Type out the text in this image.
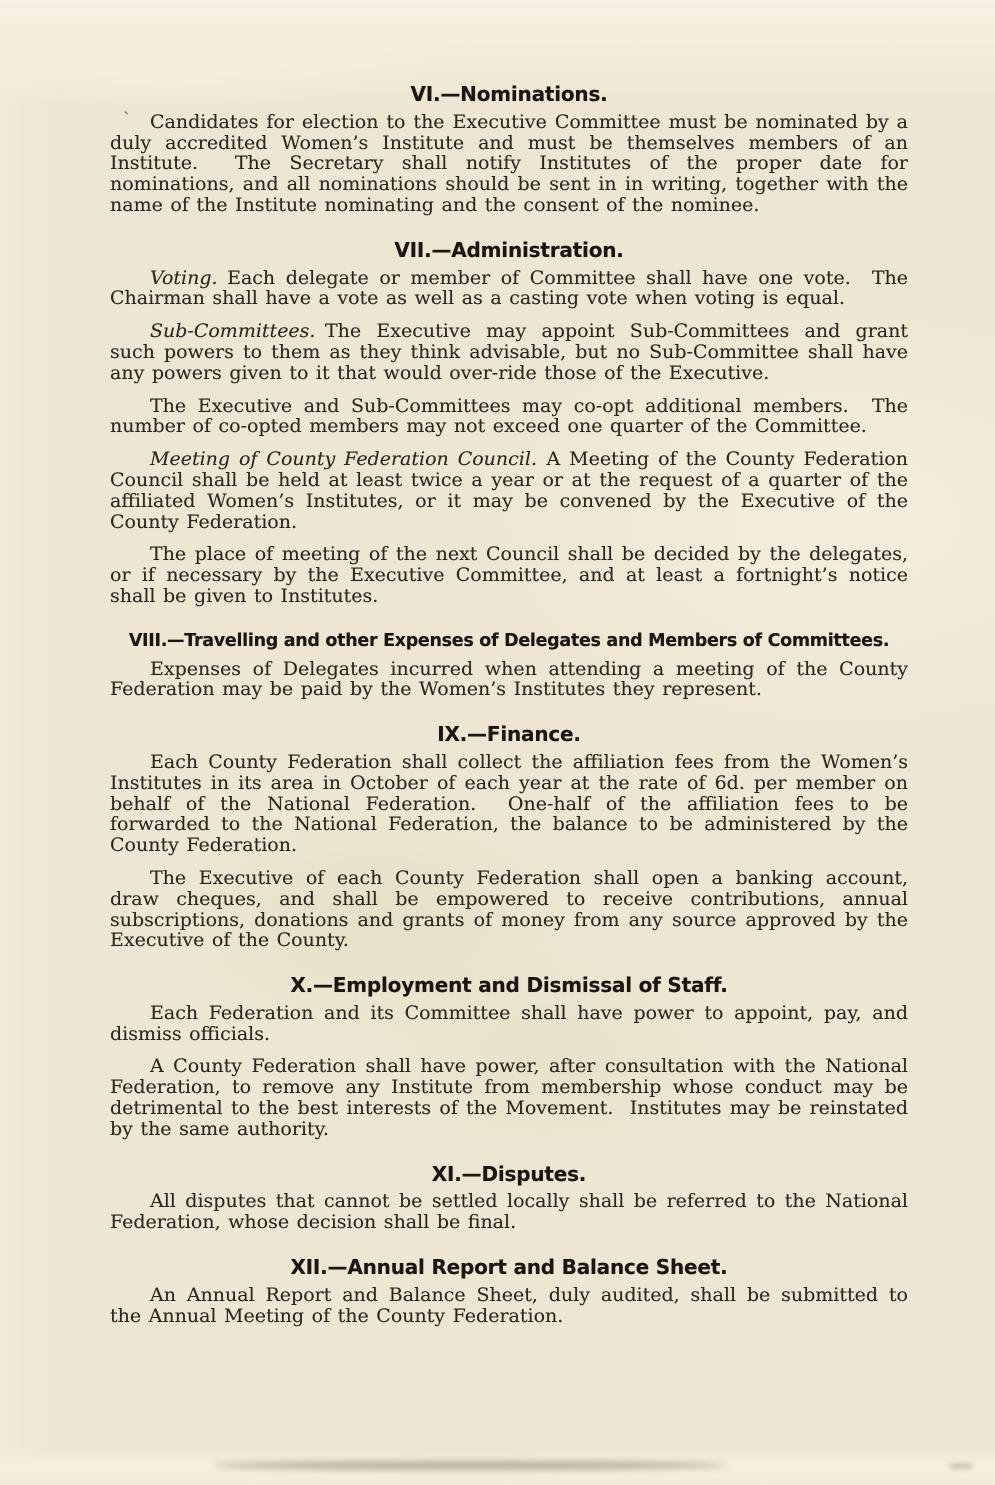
‵
VI.—Nominations.

Candidates for election to the Executive Committee must be nominated by a duly accredited Women’s Institute and must be themselves members of an Institute.  The Secretary shall notify Institutes of the proper date for nominations, and all nominations should be sent in in writing, together with the name of the Institute nominating and the consent of the nominee.

VII.—Administration.

Voting. Each delegate or member of Committee shall have one vote.  The Chairman shall have a vote as well as a casting vote when voting is equal.

Sub-Committees. The Executive may appoint Sub-Committees and grant such powers to them as they think advisable, but no Sub-Committee shall have any powers given to it that would over-ride those of the Executive.

The Executive and Sub-Committees may co-opt additional members.  The number of co-opted members may not exceed one quarter of the Committee.

Meeting of County Federation Council. A Meeting of the County Federation Council shall be held at least twice a year or at the request of a quarter of the affiliated Women’s Institutes, or it may be convened by the Executive of the County Federation.

The place of meeting of the next Council shall be decided by the delegates, or if necessary by the Executive Committee, and at least a fortnight’s notice shall be given to Institutes.

VIII.—Travelling and other Expenses of Delegates and Members of Committees.

Expenses of Delegates incurred when attending a meeting of the County Federation may be paid by the Women’s Institutes they represent.

IX.—Finance.

Each County Federation shall collect the affiliation fees from the Women’s Institutes in its area in October of each year at the rate of 6d. per member on behalf of the National Federation.  One-half of the affiliation fees to be forwarded to the National Federation, the balance to be administered by the County Federation.

The Executive of each County Federation shall open a banking account, draw cheques, and shall be empowered to receive contributions, annual subscriptions, donations and grants of money from any source approved by the Executive of the County.

X.—Employment and Dismissal of Staff.

Each Federation and its Committee shall have power to appoint, pay, and dismiss officials.

A County Federation shall have power, after consultation with the National Federation, to remove any Institute from membership whose conduct may be detrimental to the best interests of the Movement.  Institutes may be reinstated by the same authority.

XI.—Disputes.

All disputes that cannot be settled locally shall be referred to the National Federation, whose decision shall be final.

XII.—Annual Report and Balance Sheet.

An Annual Report and Balance Sheet, duly audited, shall be submitted to the Annual Meeting of the County Federation.
